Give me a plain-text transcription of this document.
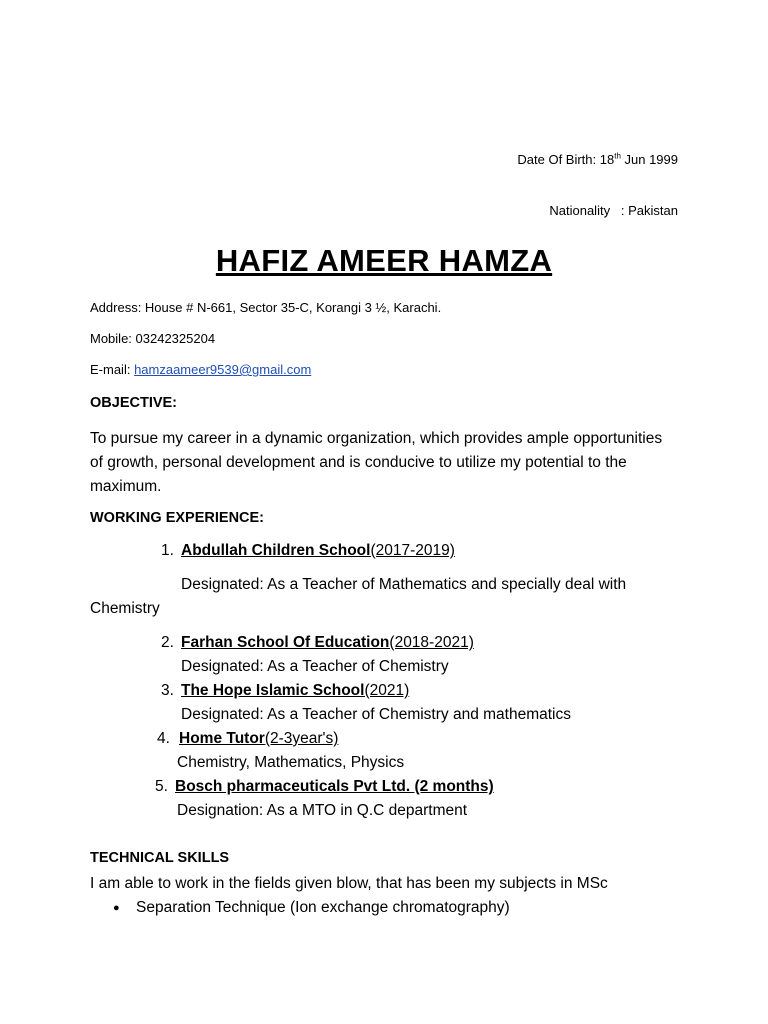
Date Of Birth: 18th Jun 1999
Nationality   : Pakistan
HAFIZ AMEER HAMZA
Address: House # N-661, Sector 35-C, Korangi 3 ½, Karachi.
Mobile: 03242325204
E-mail: hamzaameer9539@gmail.com
OBJECTIVE:
To pursue my career in a dynamic organization, which provides ample opportunities of growth, personal development and is conducive to utilize my potential to the maximum.
WORKING EXPERIENCE:
1. Abdullah Children School(2017-2019)
Designated: As a Teacher of Mathematics and specially deal with
Chemistry
2. Farhan School Of Education(2018-2021)
Designated: As a Teacher of Chemistry
3. The Hope Islamic School(2021)
Designated: As a Teacher of Chemistry and mathematics
4. Home Tutor(2-3year's)
Chemistry, Mathematics, Physics
5. Bosch pharmaceuticals Pvt Ltd. (2 months)
Designation: As a MTO in Q.C department
TECHNICAL SKILLS
I am able to work in the fields given blow, that has been my subjects in MSc
● Separation Technique (Ion exchange chromatography)
